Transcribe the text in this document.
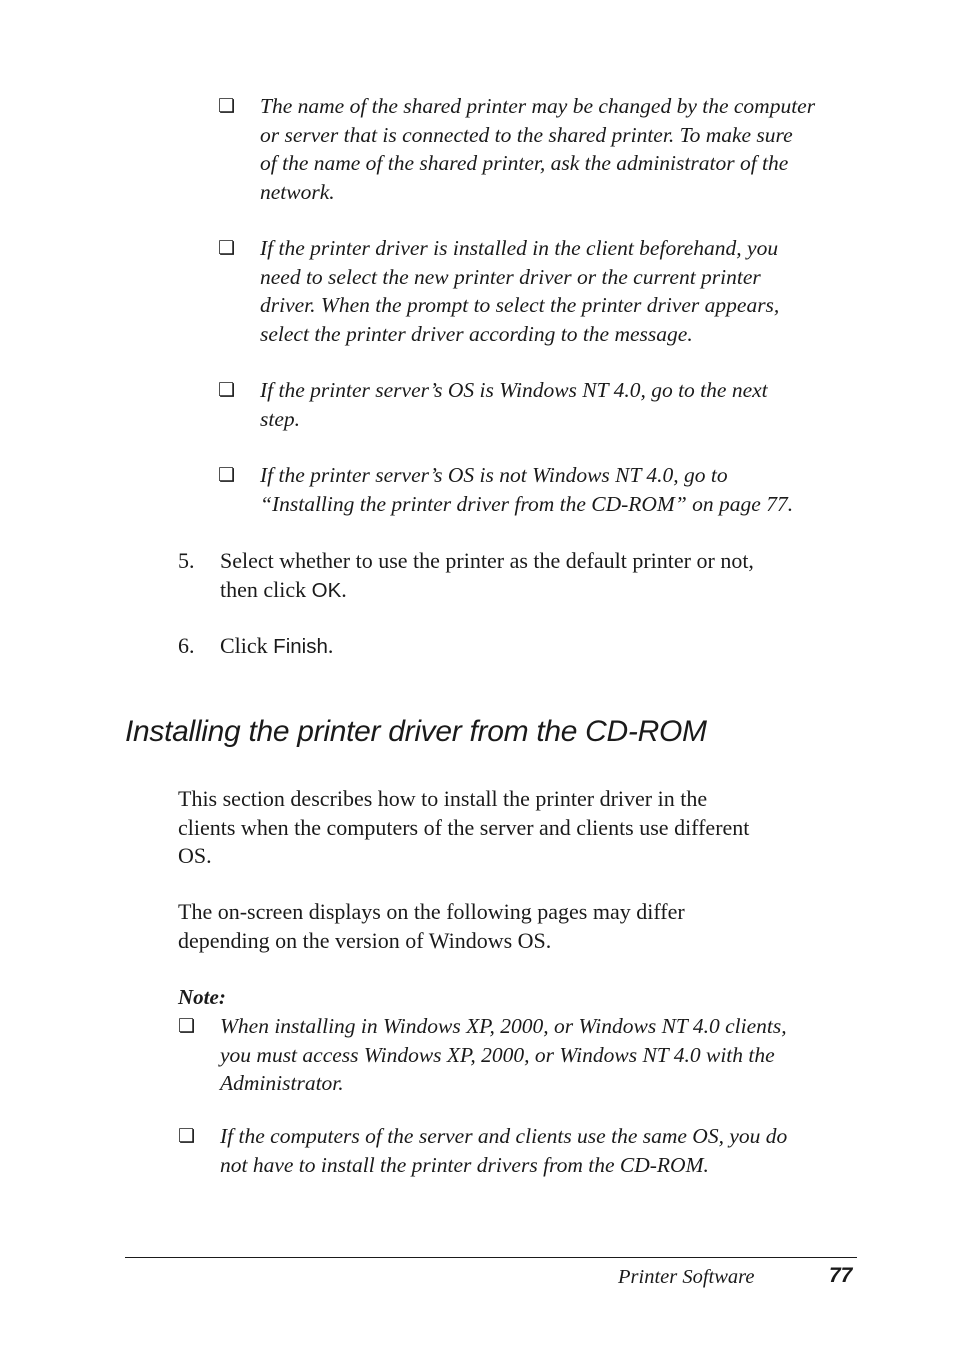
❏ The name of the shared printer may be changed by the computer
or server that is connected to the shared printer. To make sure
of the name of the shared printer, ask the administrator of the
network.
❏ If the printer driver is installed in the client beforehand, you
need to select the new printer driver or the current printer
driver. When the prompt to select the printer driver appears,
select the printer driver according to the message.
❏ If the printer server’s OS is Windows NT 4.0, go to the next
step.
❏ If the printer server’s OS is not Windows NT 4.0, go to
“Installing the printer driver from the CD-ROM” on page 77.
5. Select whether to use the printer as the default printer or not,
then click OK.
6. Click Finish.
Installing the printer driver from the CD-ROM
This section describes how to install the printer driver in the
clients when the computers of the server and clients use different
OS.
The on-screen displays on the following pages may differ
depending on the version of Windows OS.
Note:
❏ When installing in Windows XP, 2000, or Windows NT 4.0 clients,
you must access Windows XP, 2000, or Windows NT 4.0 with the
Administrator.
❏ If the computers of the server and clients use the same OS, you do
not have to install the printer drivers from the CD-ROM.
Printer Software	77
